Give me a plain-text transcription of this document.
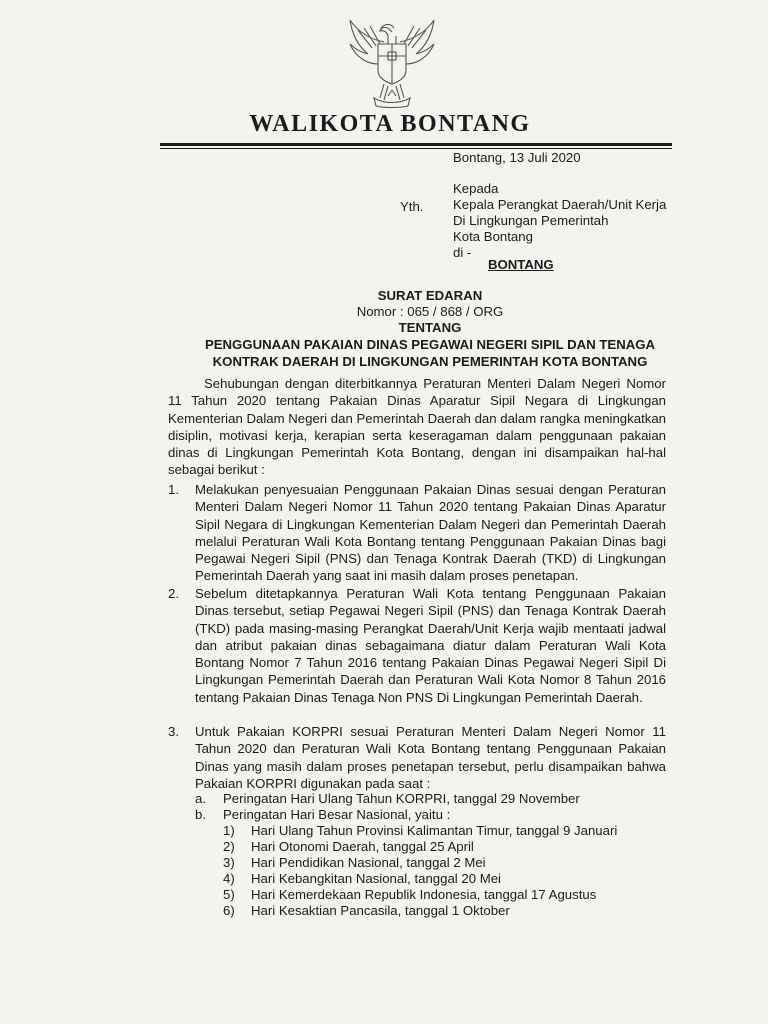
WALIKOTA BONTANG
Bontang, 13 Juli 2020
Yth.
Kepada
Kepala Perangkat Daerah/Unit Kerja
Di Lingkungan Pemerintah
Kota Bontang
di -
BONTANG
SURAT EDARAN
Nomor : 065 / 868 / ORG
TENTANG
PENGGUNAAN PAKAIAN DINAS PEGAWAI NEGERI SIPIL DAN TENAGA
KONTRAK DAERAH DI LINGKUNGAN PEMERINTAH KOTA BONTANG
Sehubungan dengan diterbitkannya Peraturan Menteri Dalam Negeri Nomor 11 Tahun 2020 tentang Pakaian Dinas Aparatur Sipil Negara di Lingkungan Kementerian Dalam Negeri dan Pemerintah Daerah dan dalam rangka meningkatkan disiplin, motivasi kerja, kerapian serta keseragaman dalam penggunaan pakaian dinas di Lingkungan Pemerintah Kota Bontang, dengan ini disampaikan hal-hal sebagai berikut :
1. Melakukan penyesuaian Penggunaan Pakaian Dinas sesuai dengan Peraturan Menteri Dalam Negeri Nomor 11 Tahun 2020 tentang Pakaian Dinas Aparatur Sipil Negara di Lingkungan Kementerian Dalam Negeri dan Pemerintah Daerah melalui Peraturan Wali Kota Bontang tentang Penggunaan Pakaian Dinas bagi Pegawai Negeri Sipil (PNS) dan Tenaga Kontrak Daerah (TKD) di Lingkungan Pemerintah Daerah yang saat ini masih dalam proses penetapan.
2. Sebelum ditetapkannya Peraturan Wali Kota tentang Penggunaan Pakaian Dinas tersebut, setiap Pegawai Negeri Sipil (PNS) dan Tenaga Kontrak Daerah (TKD) pada masing-masing Perangkat Daerah/Unit Kerja wajib mentaati jadwal dan atribut pakaian dinas sebagaimana diatur dalam Peraturan Wali Kota Bontang Nomor 7 Tahun 2016 tentang Pakaian Dinas Pegawai Negeri Sipil Di Lingkungan Pemerintah Daerah dan Peraturan Wali Kota Nomor 8 Tahun 2016 tentang Pakaian Dinas Tenaga Non PNS Di Lingkungan Pemerintah Daerah.
3. Untuk Pakaian KORPRI sesuai Peraturan Menteri Dalam Negeri Nomor 11 Tahun 2020 dan Peraturan Wali Kota Bontang tentang Penggunaan Pakaian Dinas yang masih dalam proses penetapan tersebut, perlu disampaikan bahwa Pakaian KORPRI digunakan pada saat :
a. Peringatan Hari Ulang Tahun KORPRI, tanggal 29 November
b. Peringatan Hari Besar Nasional, yaitu :
1) Hari Ulang Tahun Provinsi Kalimantan Timur, tanggal 9 Januari
2) Hari Otonomi Daerah, tanggal 25 April
3) Hari Pendidikan Nasional, tanggal 2 Mei
4) Hari Kebangkitan Nasional, tanggal 20 Mei
5) Hari Kemerdekaan Republik Indonesia, tanggal 17 Agustus
6) Hari Kesaktian Pancasila, tanggal 1 Oktober
